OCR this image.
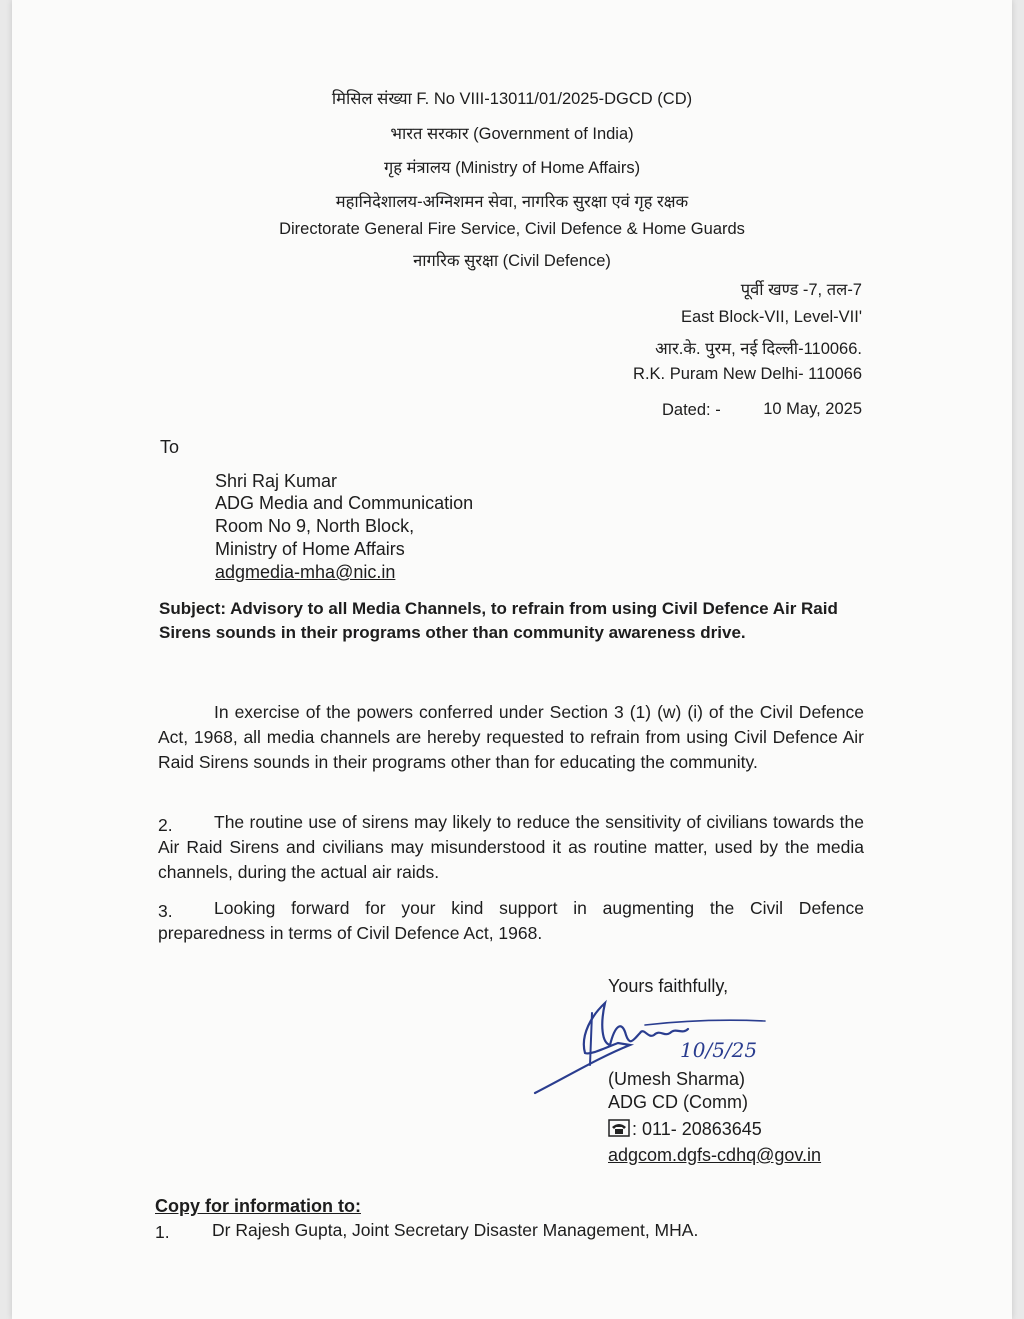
मिसिल संख्या F. No VIII-13011/01/2025-DGCD (CD)
भारत सरकार (Government of India)
गृह मंत्रालय (Ministry of Home Affairs)
महानिदेशालय-अग्निशमन सेवा, नागरिक सुरक्षा एवं गृह रक्षक
Directorate General Fire Service, Civil Defence & Home Guards
नागरिक सुरक्षा (Civil Defence)
पूर्वी खण्ड -7, तल-7
East Block-VII, Level-VII'
आर.के. पुरम, नई दिल्ली-110066.
R.K. Puram New Delhi- 110066
Dated: -	10 May, 2025
To
Shri Raj Kumar
ADG Media and Communication
Room No 9, North Block,
Ministry of Home Affairs
adgmedia-mha@nic.in
Subject: Advisory to all Media Channels, to refrain from using Civil Defence Air Raid Sirens sounds in their programs other than community awareness drive.
In exercise of the powers conferred under Section 3 (1) (w) (i) of the Civil Defence Act, 1968, all media channels are hereby requested to refrain from using Civil Defence Air Raid Sirens sounds in their programs other than for educating the community.
2.	The routine use of sirens may likely to reduce the sensitivity of civilians towards the Air Raid Sirens and civilians may misunderstood it as routine matter, used by the media channels, during the actual air raids.
3.	Looking forward for your kind support in augmenting the Civil Defence preparedness in terms of Civil Defence Act, 1968.
Yours faithfully,
10/5/25
(Umesh Sharma)
ADG CD (Comm)
: 011- 20863645
adgcom.dgfs-cdhq@gov.in
Copy for information to:
1. Dr Rajesh Gupta, Joint Secretary Disaster Management, MHA.
